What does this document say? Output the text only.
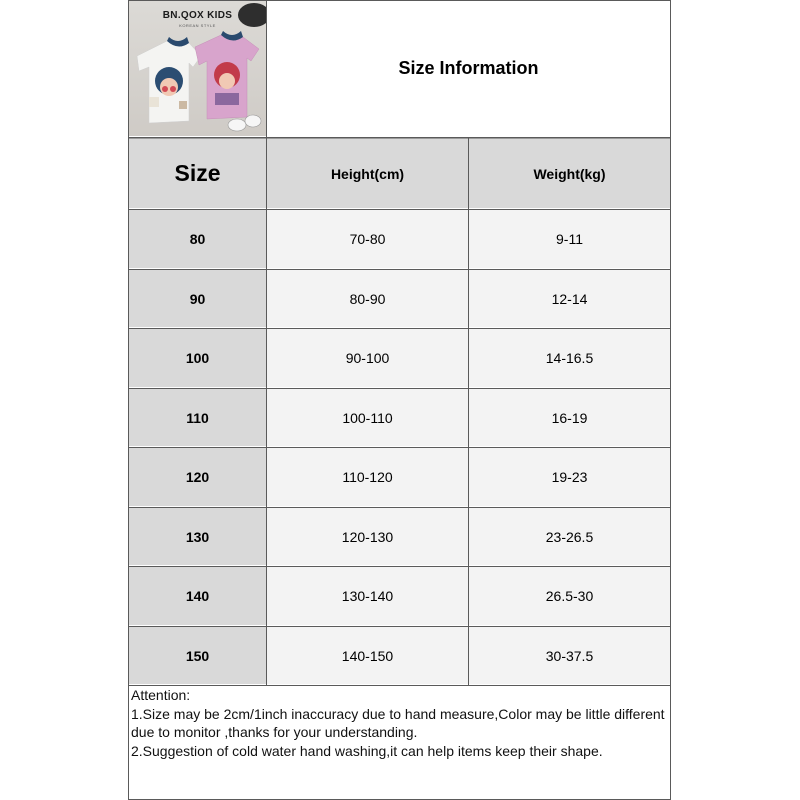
BN.QOX KIDS
KOREAN STYLE
Size Information
Size	Height(cm)	Weight(kg)
80	70-80	9-11
90	80-90	12-14
100	90-100	14-16.5
110	100-110	16-19
120	110-120	19-23
130	120-130	23-26.5
140	130-140	26.5-30
150	140-150	30-37.5
Attention:
1.Size may be 2cm/1inch inaccuracy due to hand measure,Color may be little different due to monitor ,thanks for your understanding.
2.Suggestion of cold water hand washing,it can help items keep their shape.
